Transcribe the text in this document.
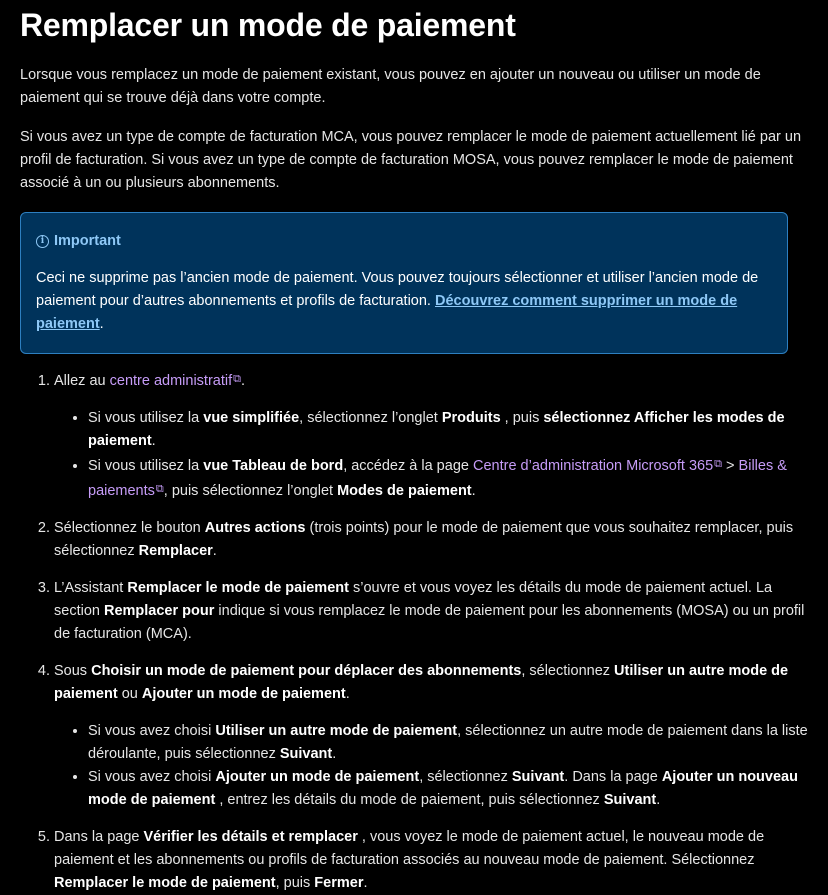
Remplacer un mode de paiement

Lorsque vous remplacez un mode de paiement existant, vous pouvez en ajouter un nouveau ou utiliser un mode de paiement qui se trouve déjà dans votre compte.

Si vous avez un type de compte de facturation MCA, vous pouvez remplacer le mode de paiement actuellement lié par un profil de facturation. Si vous avez un type de compte de facturation MOSA, vous pouvez remplacer le mode de paiement associé à un ou plusieurs abonnements.

i Important
Ceci ne supprime pas l’ancien mode de paiement. Vous pouvez toujours sélectionner et utiliser l’ancien mode de paiement pour d’autres abonnements et profils de facturation. Découvrez comment supprimer un mode de paiement.
1. Allez au centre administratif⧉.
• Si vous utilisez la vue simplifiée, sélectionnez l’onglet Produits , puis sélectionnez Afficher les modes de paiement.
• Si vous utilisez la vue Tableau de bord, accédez à la page Centre d’administration Microsoft 365⧉ > Billes & paiements⧉, puis sélectionnez l’onglet Modes de paiement.
2. Sélectionnez le bouton Autres actions (trois points) pour le mode de paiement que vous souhaitez remplacer, puis sélectionnez Remplacer.
3. L’Assistant Remplacer le mode de paiement s’ouvre et vous voyez les détails du mode de paiement actuel. La section Remplacer pour indique si vous remplacez le mode de paiement pour les abonnements (MOSA) ou un profil de facturation (MCA).
4. Sous Choisir un mode de paiement pour déplacer des abonnements, sélectionnez Utiliser un autre mode de paiement ou Ajouter un mode de paiement.
• Si vous avez choisi Utiliser un autre mode de paiement, sélectionnez un autre mode de paiement dans la liste déroulante, puis sélectionnez Suivant.
• Si vous avez choisi Ajouter un mode de paiement, sélectionnez Suivant. Dans la page Ajouter un nouveau mode de paiement , entrez les détails du mode de paiement, puis sélectionnez Suivant.
5. Dans la page Vérifier les détails et remplacer , vous voyez le mode de paiement actuel, le nouveau mode de paiement et les abonnements ou profils de facturation associés au nouveau mode de paiement. Sélectionnez Remplacer le mode de paiement, puis Fermer.
